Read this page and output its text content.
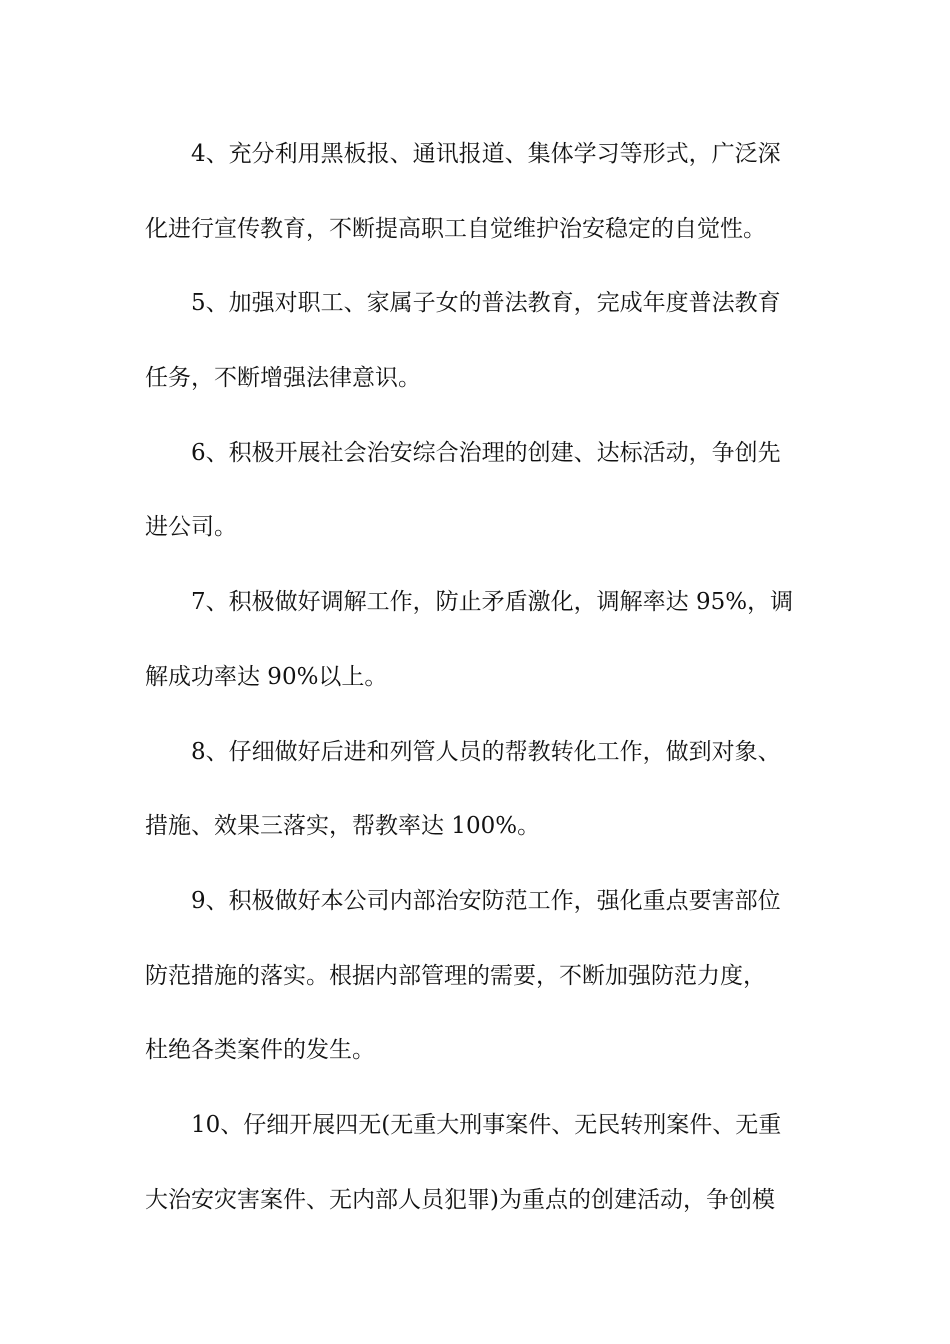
4、充分利用黑板报、通讯报道、集体学习等形式，广泛深
化进行宣传教育，不断提高职工自觉维护治安稳定的自觉性。
5、加强对职工、家属子女的普法教育，完成年度普法教育
任务，不断增强法律意识。
6、积极开展社会治安综合治理的创建、达标活动，争创先
进公司。
7、积极做好调解工作，防止矛盾激化，调解率达 95%，调
解成功率达 90%以上。
8、仔细做好后进和列管人员的帮教转化工作，做到对象、
措施、效果三落实，帮教率达 100%。
9、积极做好本公司内部治安防范工作，强化重点要害部位
防范措施的落实。根据内部管理的需要，不断加强防范力度，
杜绝各类案件的发生。
10、仔细开展四无(无重大刑事案件、无民转刑案件、无重
大治安灾害案件、无内部人员犯罪)为重点的创建活动，争创模
